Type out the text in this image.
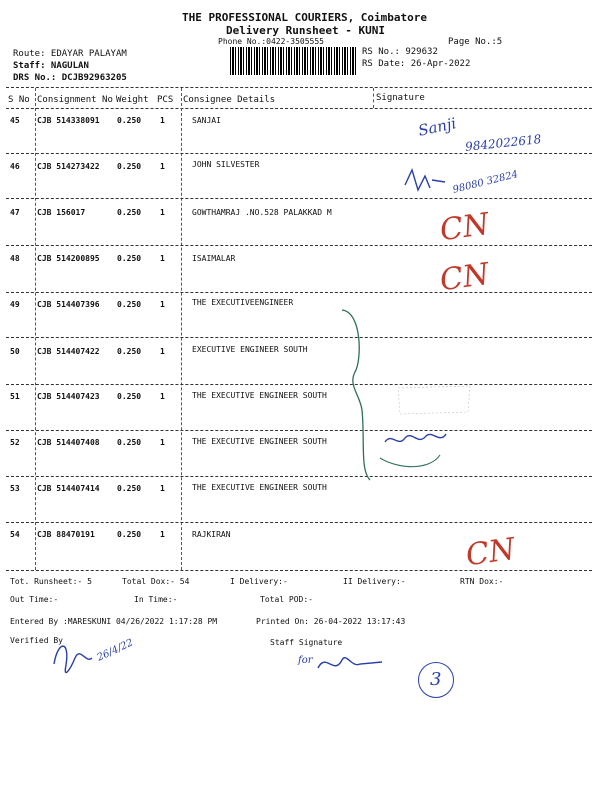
THE PROFESSIONAL COURIERS, Coimbatore
Delivery Runsheet - KUNI
Phone No.:0422-3505555	Page No.:5
Route: EDAYAR PALAYAM
Staff: NAGULAN
DRS No.: DCJB92963205
RS No.: 929632
RS Date: 26-Apr-2022
S No Consignment No Weight PCS Consignee Details	Signature
45 CJB 514338091 0.250 1	SANJAI
46 CJB 514273422 0.250 1	JOHN SILVESTER
47 CJB 156017	0.250 1	GOWTHAMRAJ .NO.528 PALAKKAD M
48 CJB 514200895 0.250 1	ISAIMALAR
49 CJB 514407396 0.250 1	THE EXECUTIVEENGINEER
50 CJB 514407422 0.250 1	EXECUTIVE ENGINEER SOUTH
51 CJB 514407423 0.250 1	THE EXECUTIVE ENGINEER SOUTH
52 CJB 514407408 0.250 1	THE EXECUTIVE ENGINEER SOUTH
53 CJB 514407414 0.250 1	THE EXECUTIVE ENGINEER SOUTH
54 CJB 88470191	0.250 1	RAJKIRAN
Tot. Runsheet:- 5	Total Dox:- 54	I Delivery:-	II Delivery:-	RTN Dox:-
Out Time:-	In Time:-	Total POD:-
Entered By :MARESKUNI 04/26/2022 1:17:28 PM	Printed On: 26-04-2022 13:17:43
Verified By	Staff Signature
Sanji
9842022618
98080 32824
CN
CN
CN
26/4/22	for
3
